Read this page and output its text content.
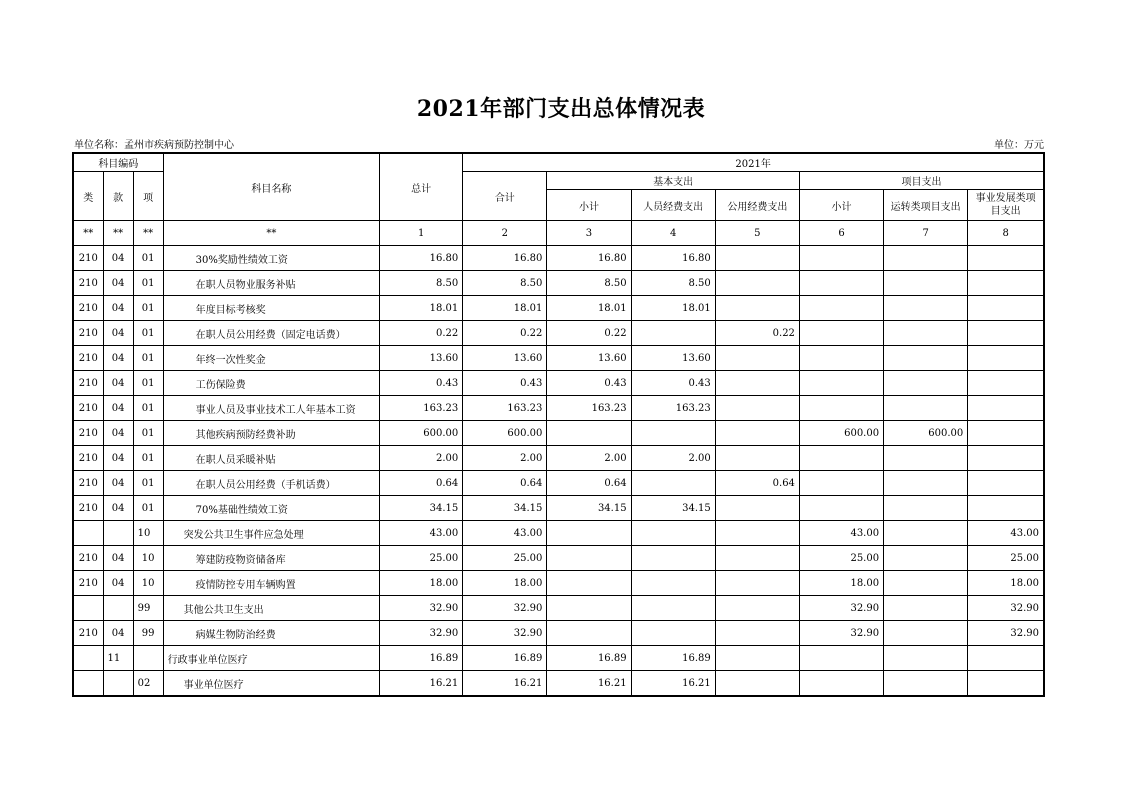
2021年部门支出总体情况表
单位名称：孟州市疾病预防控制中心	单位：万元
科目编码			科目名称	总计	2021年						
类	款	项			合计	基本支出			项目支出		
						小计	人员经费支出	公用经费支出	小计	运转类项目支出	事业发展类项目支出
**	**	**	**	1	2	3	4	5	6	7	8
210	04	01	30%奖励性绩效工资	16.80	16.80	16.80	16.80				
210	04	01	在职人员物业服务补贴	8.50	8.50	8.50	8.50				
210	04	01	年度目标考核奖	18.01	18.01	18.01	18.01				
210	04	01	在职人员公用经费（固定电话费）	0.22	0.22	0.22		0.22			
210	04	01	年终一次性奖金	13.60	13.60	13.60	13.60				
210	04	01	工伤保险费	0.43	0.43	0.43	0.43				
210	04	01	事业人员及事业技术工人年基本工资	163.23	163.23	163.23	163.23				
210	04	01	其他疾病预防经费补助	600.00	600.00				600.00	600.00	
210	04	01	在职人员采暖补贴	2.00	2.00	2.00	2.00				
210	04	01	在职人员公用经费（手机话费）	0.64	0.64	0.64		0.64			
210	04	01	70%基础性绩效工资	34.15	34.15	34.15	34.15				
		10	突发公共卫生事件应急处理	43.00	43.00				43.00		43.00
210	04	10	筹建防疫物资储备库	25.00	25.00				25.00		25.00
210	04	10	疫情防控专用车辆购置	18.00	18.00				18.00		18.00
		99	其他公共卫生支出	32.90	32.90				32.90		32.90
210	04	99	病媒生物防治经费	32.90	32.90				32.90		32.90
	11		行政事业单位医疗	16.89	16.89	16.89	16.89				
		02	事业单位医疗	16.21	16.21	16.21	16.21				
